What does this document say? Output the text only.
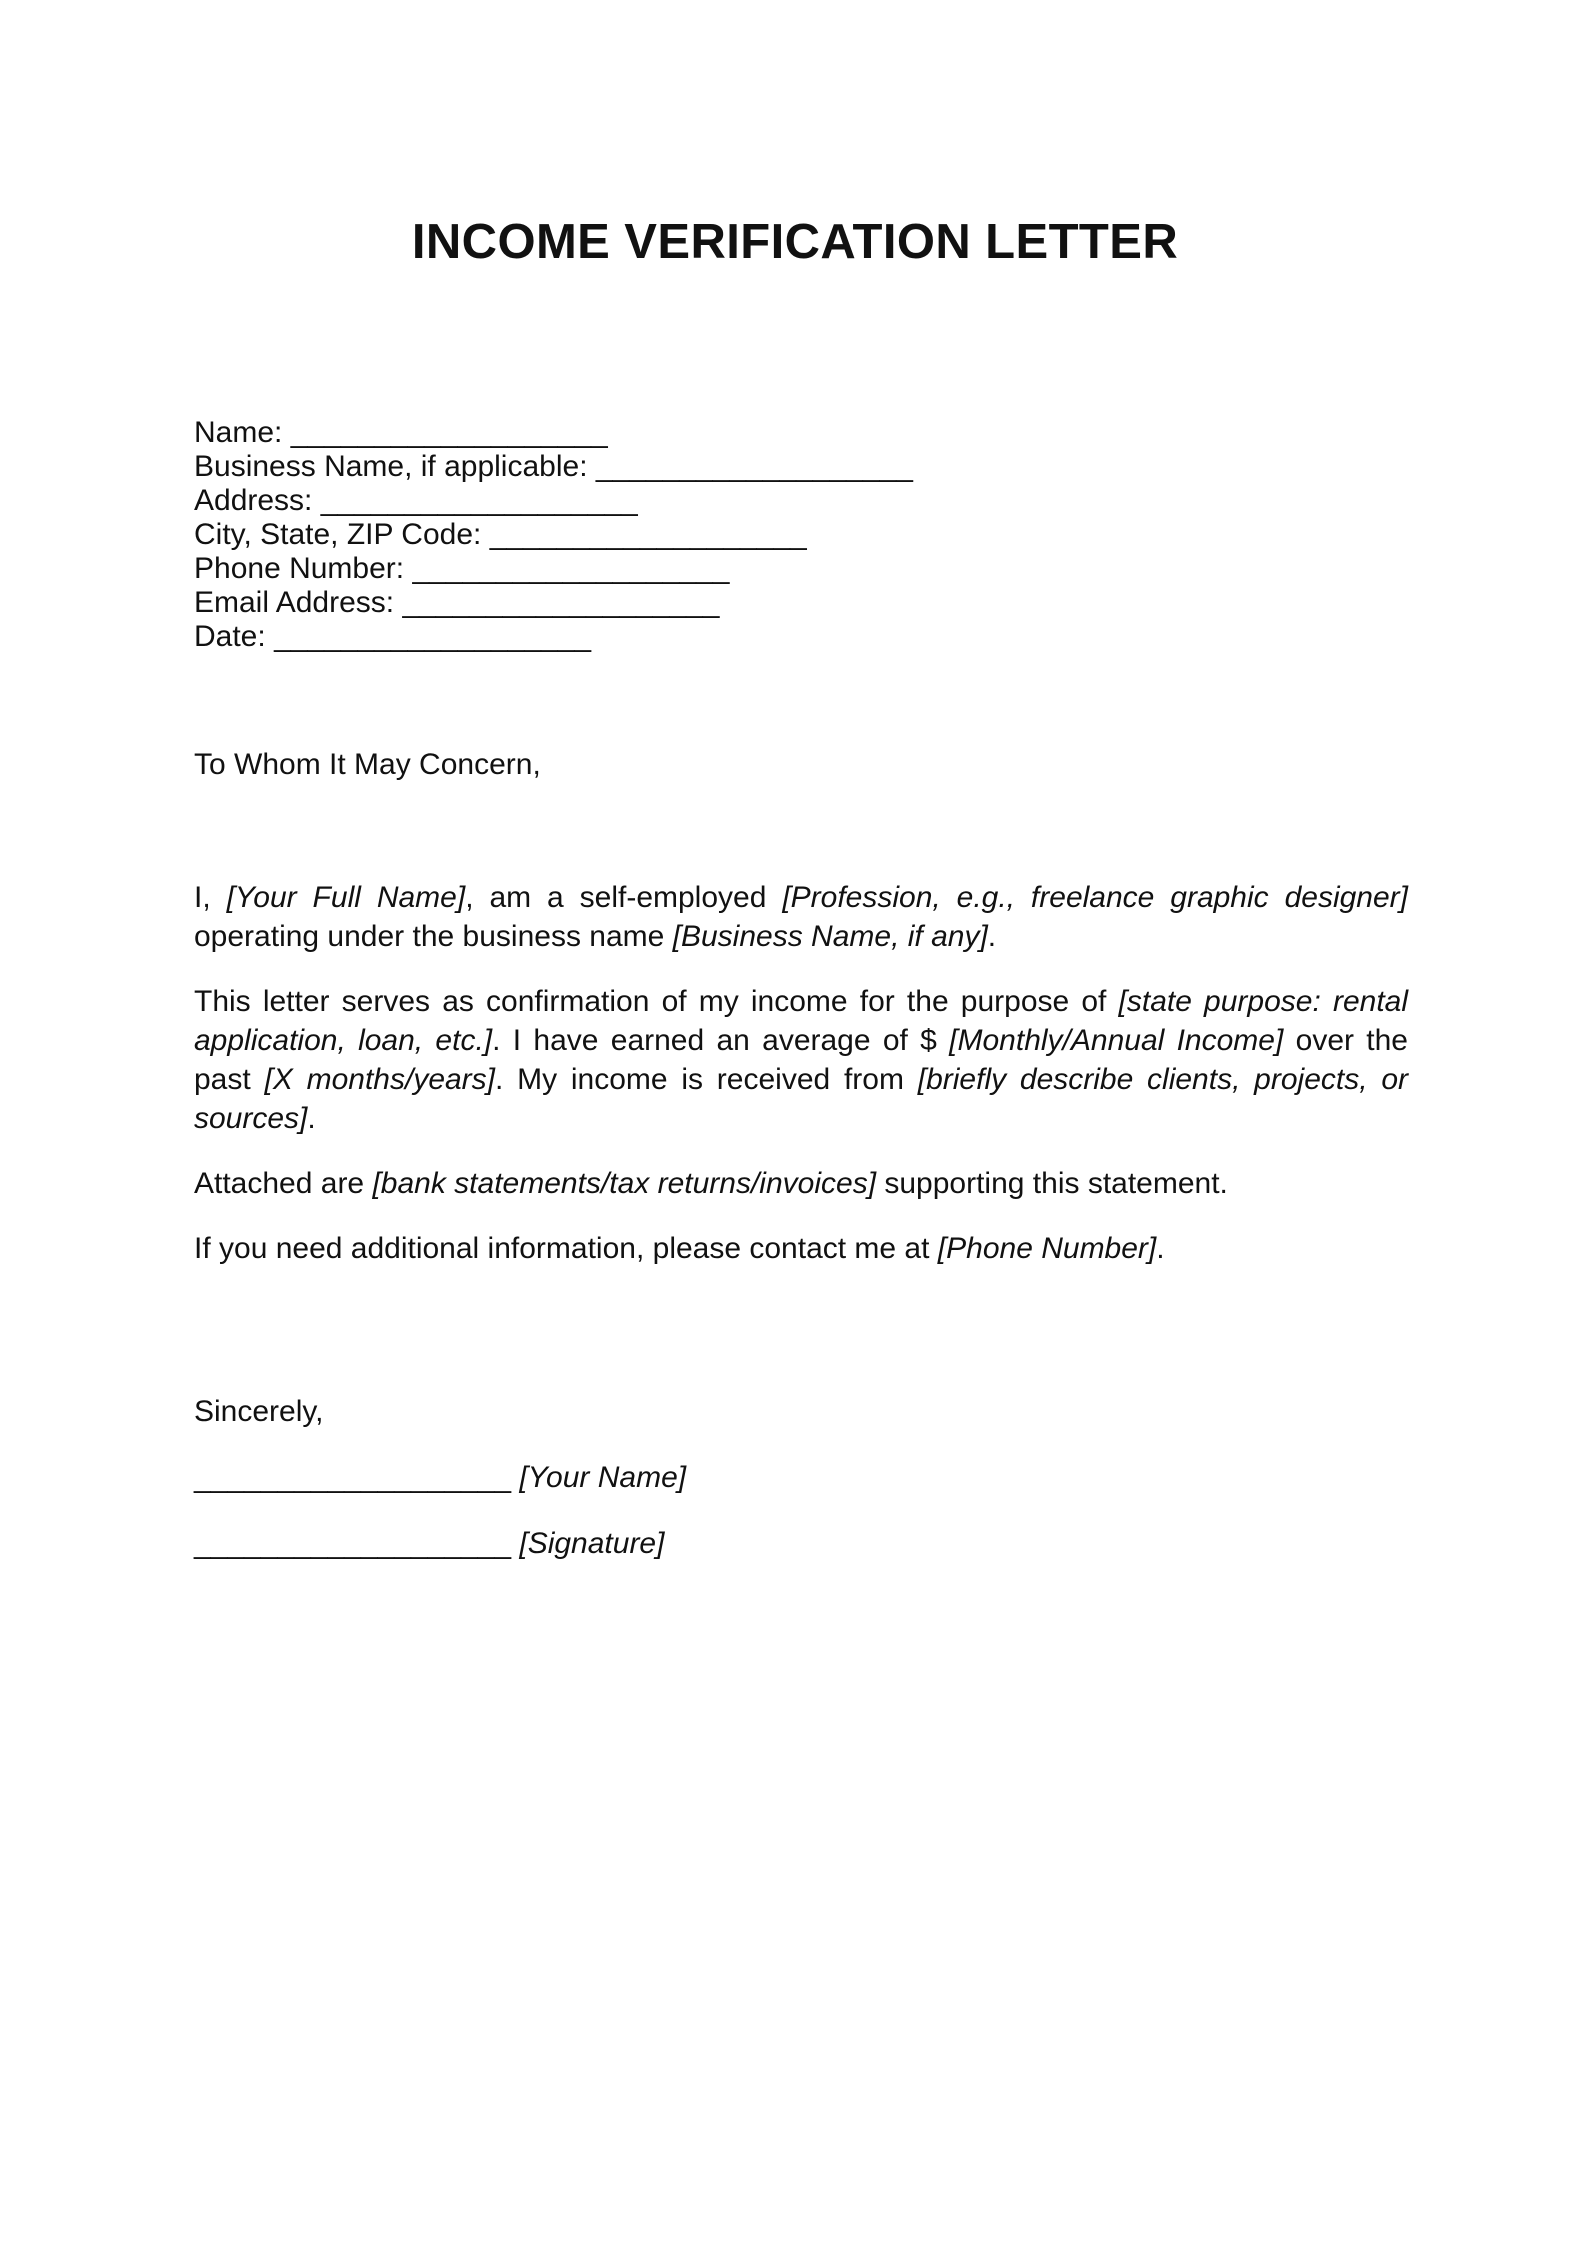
INCOME VERIFICATION LETTER
Name: ___________________
Business Name, if applicable: ___________________
Address: ___________________
City, State, ZIP Code: ___________________
Phone Number: ___________________
Email Address: ___________________
Date: ___________________
To Whom It May Concern,

I, [Your Full Name], am a self-employed [Profession, e.g., freelance graphic designer] operating under the business name [Business Name, if any].

This letter serves as confirmation of my income for the purpose of [state purpose: rental application, loan, etc.]. I have earned an average of $ [Monthly/Annual Income] over the past [X months/years]. My income is received from [briefly describe clients, projects, or sources].

Attached are [bank statements/tax returns/invoices] supporting this statement.

If you need additional information, please contact me at [Phone Number].

Sincerely,
___________________ [Your Name]
___________________ [Signature]
